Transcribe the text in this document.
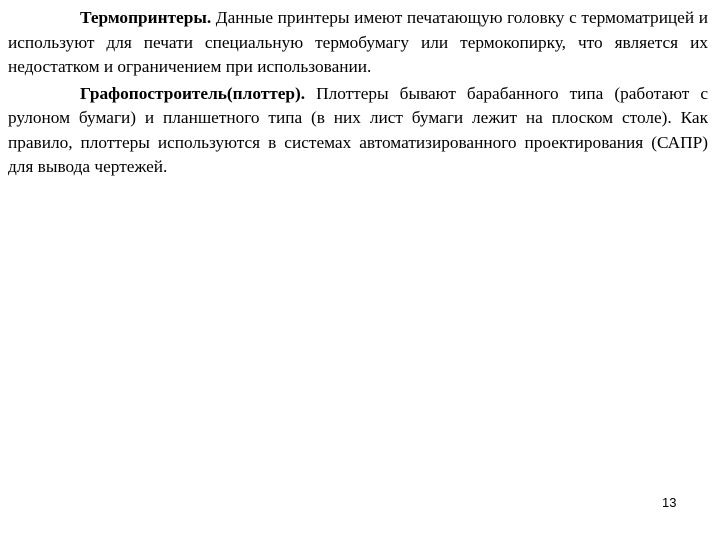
Термопринтеры. Данные принтеры имеют печатающую головку с термоматрицей и используют для печати специальную термобумагу или термокопирку, что является их недостатком и ограничением при использовании.

Графопостроитель(плоттер). Плоттеры бывают барабанного типа (работают с рулоном бумаги) и планшетного типа (в них лист бумаги лежит на плоском столе). Как правило, плоттеры используются в системах автоматизированного проектирования (САПР) для вывода чертежей.

13
